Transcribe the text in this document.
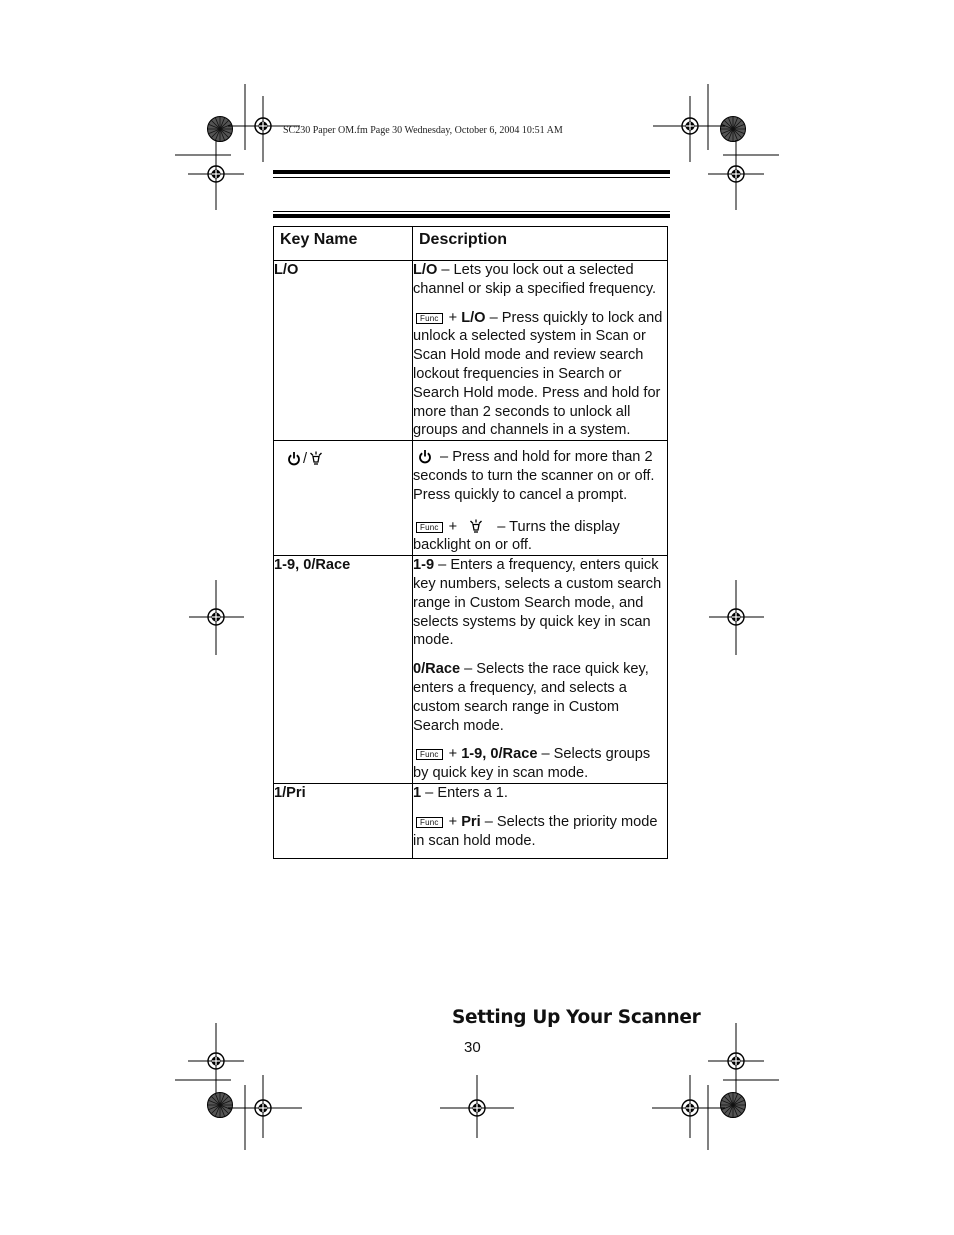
SC230 Paper OM.fm Page 30 Wednesday, October 6, 2004 10:51 AM
Key Name	Description
L/O	L/O – Lets you lock out a selected channel or skip a specified frequency.

Func + L/O – Press quickly to lock and unlock a selected system in Scan or Scan Hold mode and review search lockout frequencies in Search or Search Hold mode. Press and hold for more than 2 seconds to unlock all groups and channels in a system.

/	– Press and hold for more than 2 seconds to turn the scanner on or off. Press quickly to cancel a prompt.

Func +  – Turns the display backlight on or off.

1-9, 0/Race	1-9 – Enters a frequency, enters quick key numbers, selects a custom search range in Custom Search mode, and selects systems by quick key in scan mode.

0/Race – Selects the race quick key, enters a frequency, and selects a custom search range in Custom Search mode.

Func + 1-9, 0/Race – Selects groups by quick key in scan mode.

1/Pri	1 – Enters a 1.

Func + Pri – Selects the priority mode in scan hold mode.

Setting Up Your Scanner
30
